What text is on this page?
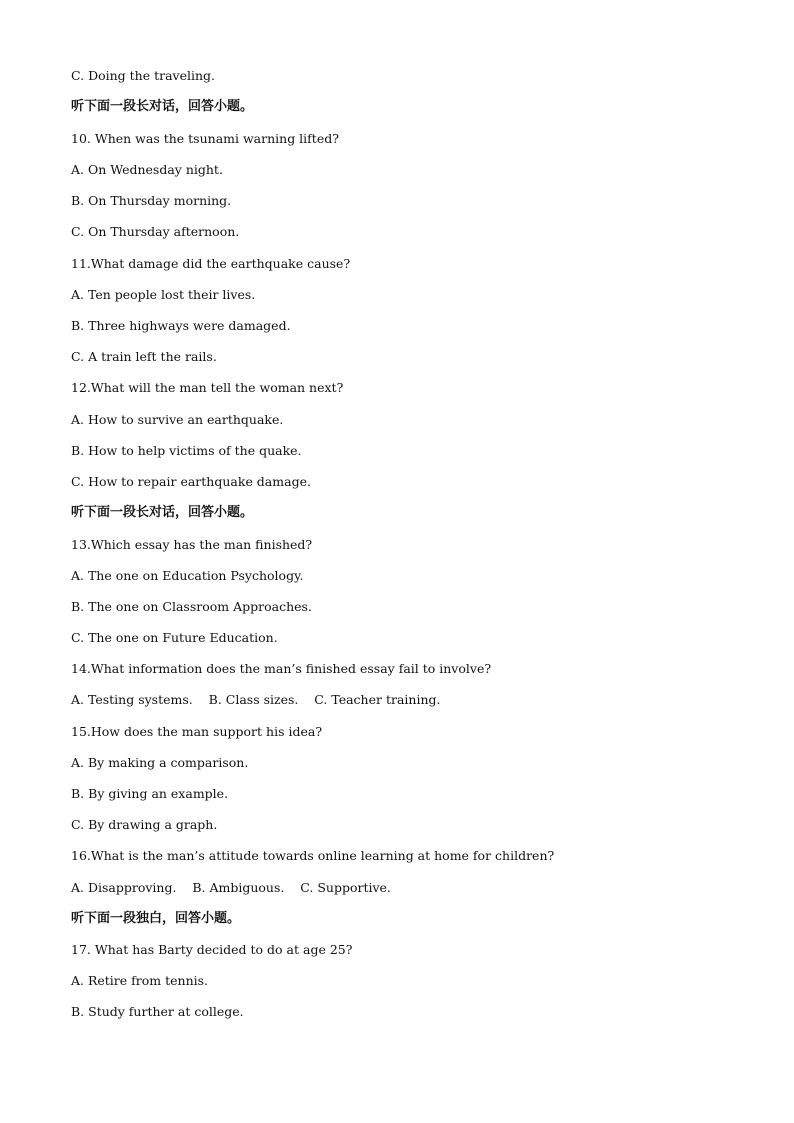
C. Doing the traveling.
听下面一段长对话，回答小题。
10. When was the tsunami warning lifted?
A. On Wednesday night.
B. On Thursday morning.
C. On Thursday afternoon.
11.What damage did the earthquake cause?
A. Ten people lost their lives.
B. Three highways were damaged.
C. A train left the rails.
12.What will the man tell the woman next?
A. How to survive an earthquake.
B. How to help victims of the quake.
C. How to repair earthquake damage.
听下面一段长对话，回答小题。
13.Which essay has the man finished?
A. The one on Education Psychology.
B. The one on Classroom Approaches.
C. The one on Future Education.
14.What information does the man’s finished essay fail to involve?
A. Testing systems.    B. Class sizes.    C. Teacher training.
15.How does the man support his idea?
A. By making a comparison.
B. By giving an example.
C. By drawing a graph.
16.What is the man’s attitude towards online learning at home for children?
A. Disapproving.    B. Ambiguous.    C. Supportive.
听下面一段独白，回答小题。
17. What has Barty decided to do at age 25?
A. Retire from tennis.
B. Study further at college.
